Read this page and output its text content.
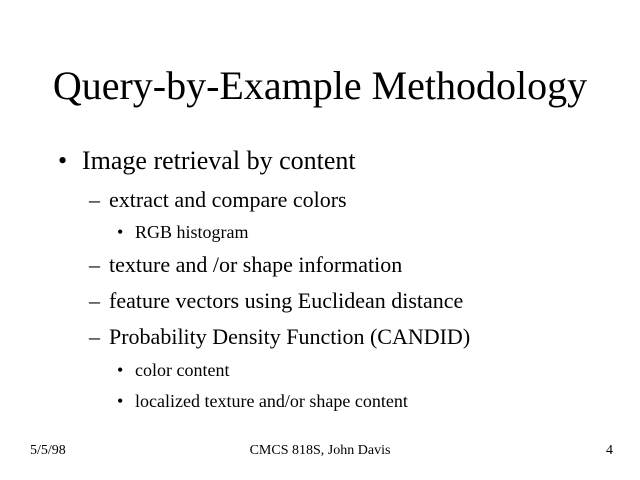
Query-by-Example Methodology
• Image retrieval by content
– extract and compare colors
• RGB histogram
– texture and /or shape information
– feature vectors using Euclidean distance
– Probability Density Function (CANDID)
• color content
• localized texture and/or shape content
5/5/98	CMCS 818S, John Davis	4
